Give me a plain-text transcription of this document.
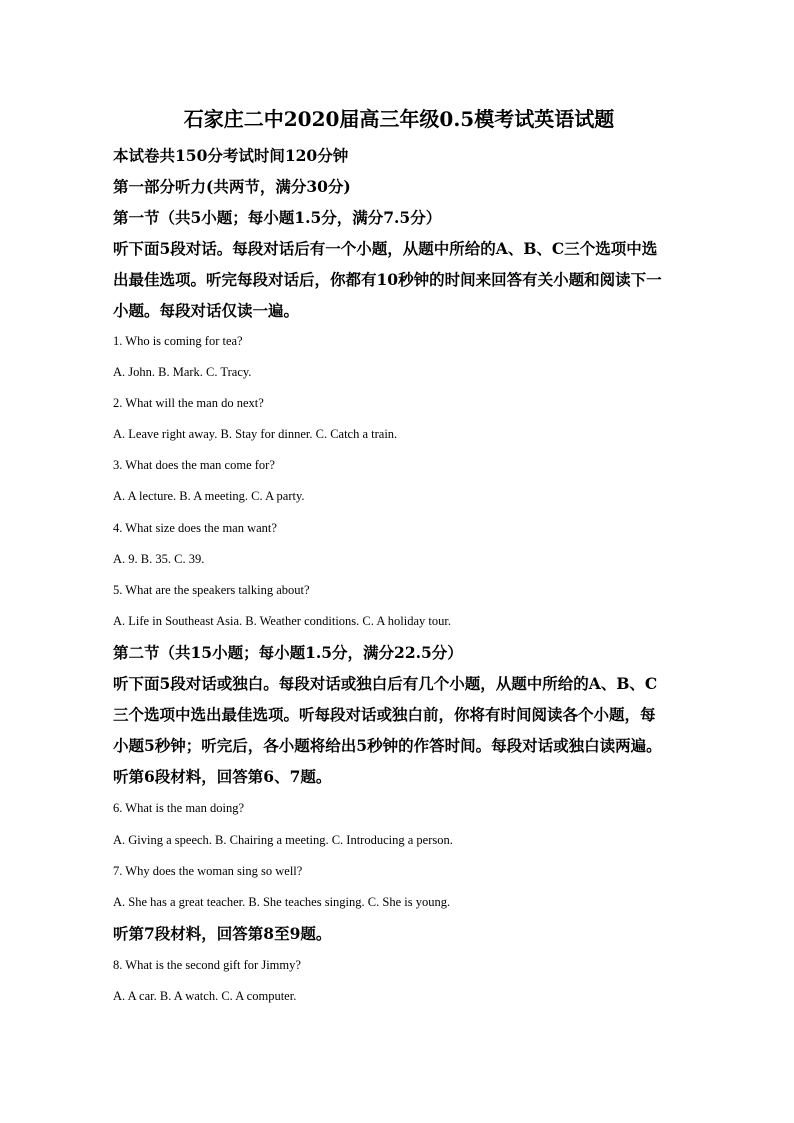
石家庄二中2020届高三年级0.5模考试英语试题
本试卷共150分考试时间120分钟
第一部分听力(共两节，满分30分)
第一节（共5小题；每小题1.5分，满分7.5分）
听下面5段对话。每段对话后有一个小题，从题中所给的A、B、C三个选项中选
出最佳选项。听完每段对话后，你都有10秒钟的时间来回答有关小题和阅读下一
小题。每段对话仅读一遍。
1. Who is coming for tea?
A. John. B. Mark. C. Tracy.
2. What will the man do next?
A. Leave right away. B. Stay for dinner. C. Catch a train.
3. What does the man come for?
A. A lecture. B. A meeting. C. A party.
4. What size does the man want?
A. 9. B. 35. C. 39.
5. What are the speakers talking about?
A. Life in Southeast Asia. B. Weather conditions. C. A holiday tour.
第二节（共15小题；每小题1.5分，满分22.5分）
听下面5段对话或独白。每段对话或独白后有几个小题，从题中所给的A、B、C
三个选项中选出最佳选项。听每段对话或独白前，你将有时间阅读各个小题，每
小题5秒钟；听完后，各小题将给出5秒钟的作答时间。每段对话或独白读两遍。
听第6段材料，回答第6、7题。
6. What is the man doing?
A. Giving a speech. B. Chairing a meeting. C. Introducing a person.
7. Why does the woman sing so well?
A. She has a great teacher. B. She teaches singing. C. She is young.
听第7段材料，回答第8至9题。
8. What is the second gift for Jimmy?
A. A car. B. A watch. C. A computer.
